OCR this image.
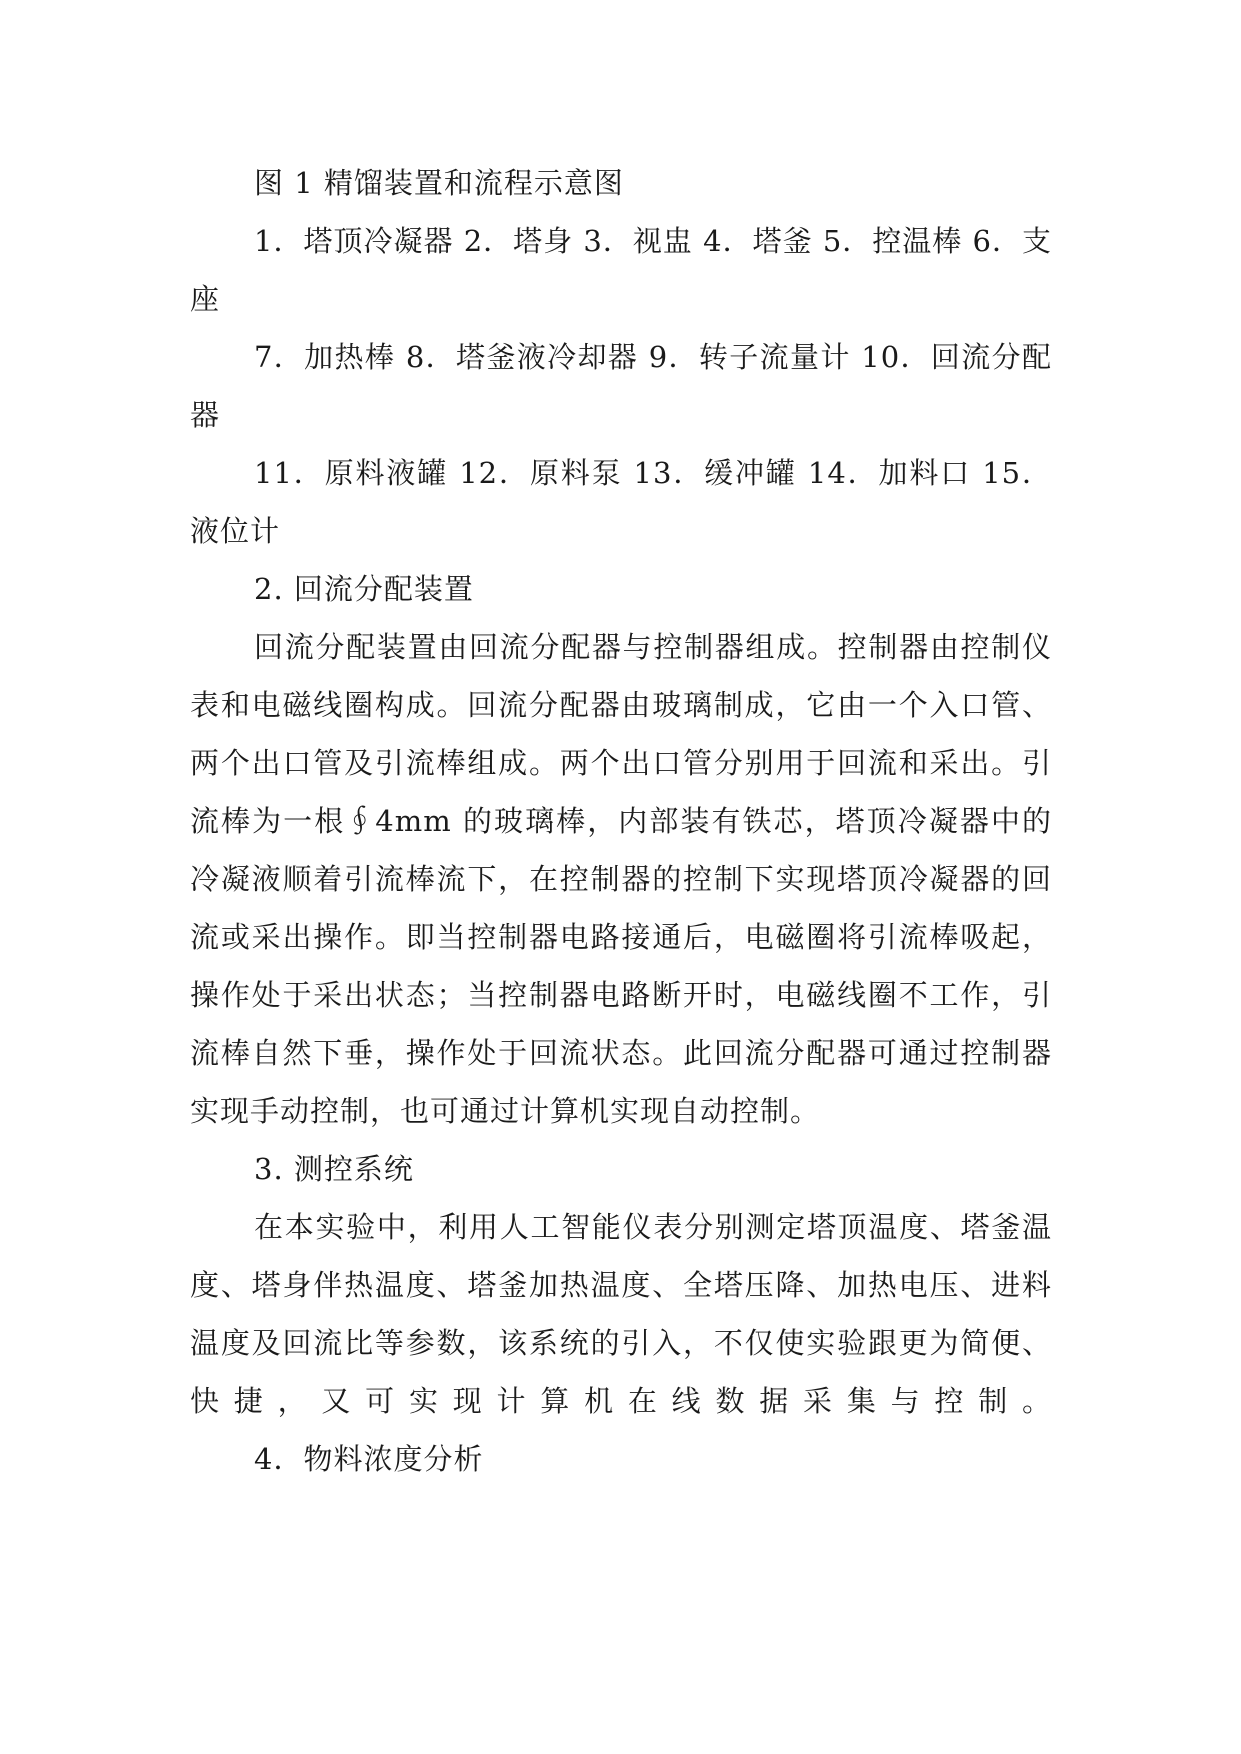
图 1 精馏装置和流程示意图

1．塔顶冷凝器 2．塔身 3．视盅 4．塔釜 5．控温棒 6．支座

7．加热棒 8．塔釜液冷却器 9．转子流量计 10．回流分配器

11．原料液罐 12．原料泵 13．缓冲罐 14．加料口 15．液位计

2. 回流分配装置

回流分配装置由回流分配器与控制器组成。控制器由控制仪表和电磁线圈构成。回流分配器由玻璃制成，它由一个入口管、两个出口管及引流棒组成。两个出口管分别用于回流和采出。引流棒为一根∮4mm 的玻璃棒，内部装有铁芯，塔顶冷凝器中的冷凝液顺着引流棒流下，在控制器的控制下实现塔顶冷凝器的回流或采出操作。即当控制器电路接通后，电磁圈将引流棒吸起，操作处于采出状态；当控制器电路断开时，电磁线圈不工作，引流棒自然下垂，操作处于回流状态。此回流分配器可通过控制器实现手动控制，也可通过计算机实现自动控制。

3. 测控系统

在本实验中，利用人工智能仪表分别测定塔顶温度、塔釜温度、塔身伴热温度、塔釜加热温度、全塔压降、加热电压、进料温度及回流比等参数，该系统的引入，不仅使实验跟更为简便、快捷，又可实现计算机在线数据采集与控制。

4．物料浓度分析
